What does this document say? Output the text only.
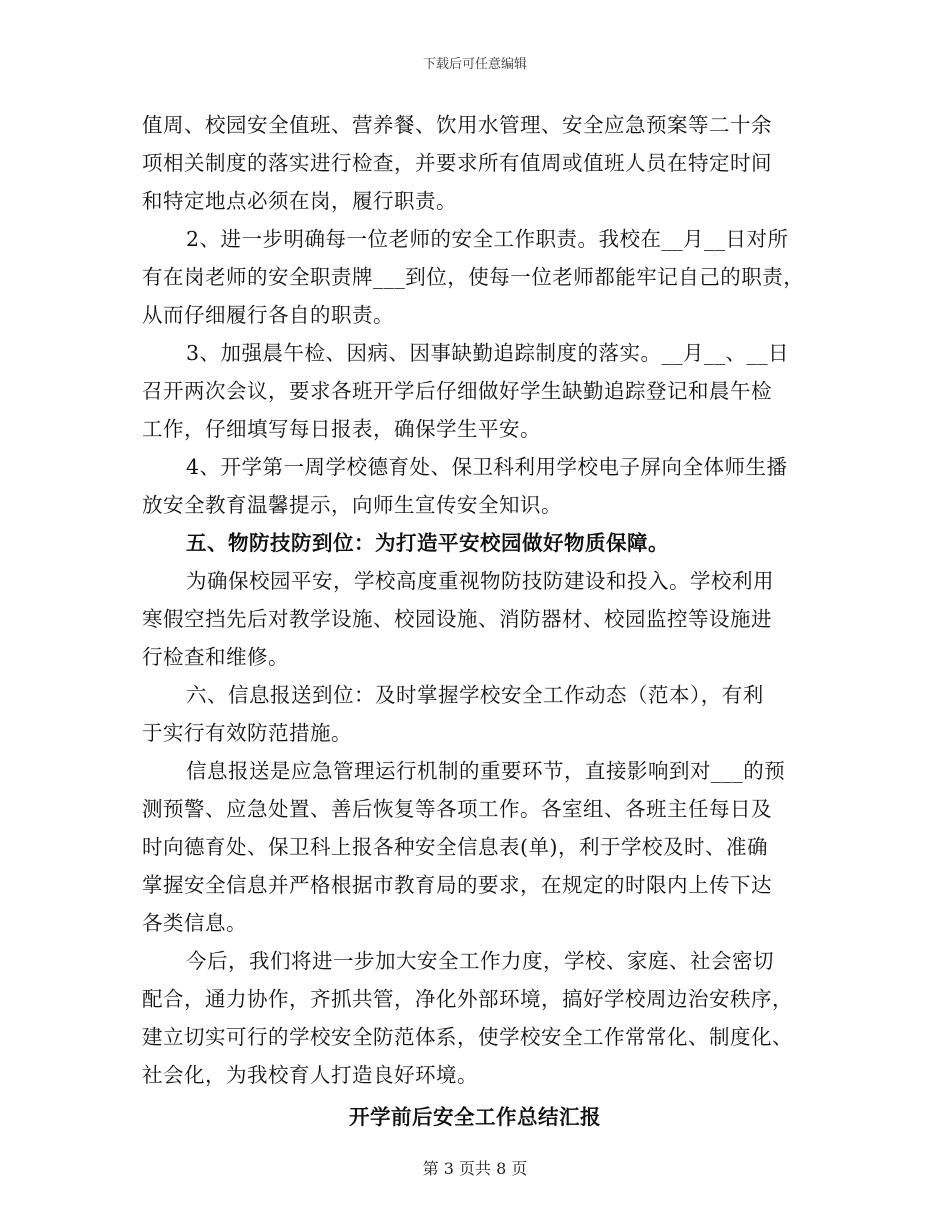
下载后可任意编辑
值周、校园安全值班、营养餐、饮用水管理、安全应急预案等二十余
项相关制度的落实进行检查，并要求所有值周或值班人员在特定时间
和特定地点必须在岗，履行职责。
2、进一步明确每一位老师的安全工作职责。我校在__月__日对所
有在岗老师的安全职责牌___到位，使每一位老师都能牢记自己的职责，
从而仔细履行各自的职责。
3、加强晨午检、因病、因事缺勤追踪制度的落实。__月__、__日
召开两次会议，要求各班开学后仔细做好学生缺勤追踪登记和晨午检
工作，仔细填写每日报表，确保学生平安。
4、开学第一周学校德育处、保卫科利用学校电子屏向全体师生播
放安全教育温馨提示，向师生宣传安全知识。
五、物防技防到位：为打造平安校园做好物质保障。
为确保校园平安，学校高度重视物防技防建设和投入。学校利用
寒假空挡先后对教学设施、校园设施、消防器材、校园监控等设施进
行检查和维修。
六、信息报送到位：及时掌握学校安全工作动态（范本），有利
于实行有效防范措施。
信息报送是应急管理运行机制的重要环节，直接影响到对___的预
测预警、应急处置、善后恢复等各项工作。各室组、各班主任每日及
时向德育处、保卫科上报各种安全信息表(单)，利于学校及时、准确
掌握安全信息并严格根据市教育局的要求，在规定的时限内上传下达
各类信息。
今后，我们将进一步加大安全工作力度，学校、家庭、社会密切
配合，通力协作，齐抓共管，净化外部环境，搞好学校周边治安秩序，
建立切实可行的学校安全防范体系，使学校安全工作常常化、制度化、
社会化，为我校育人打造良好环境。
开学前后安全工作总结汇报
第 3 页共 8 页
